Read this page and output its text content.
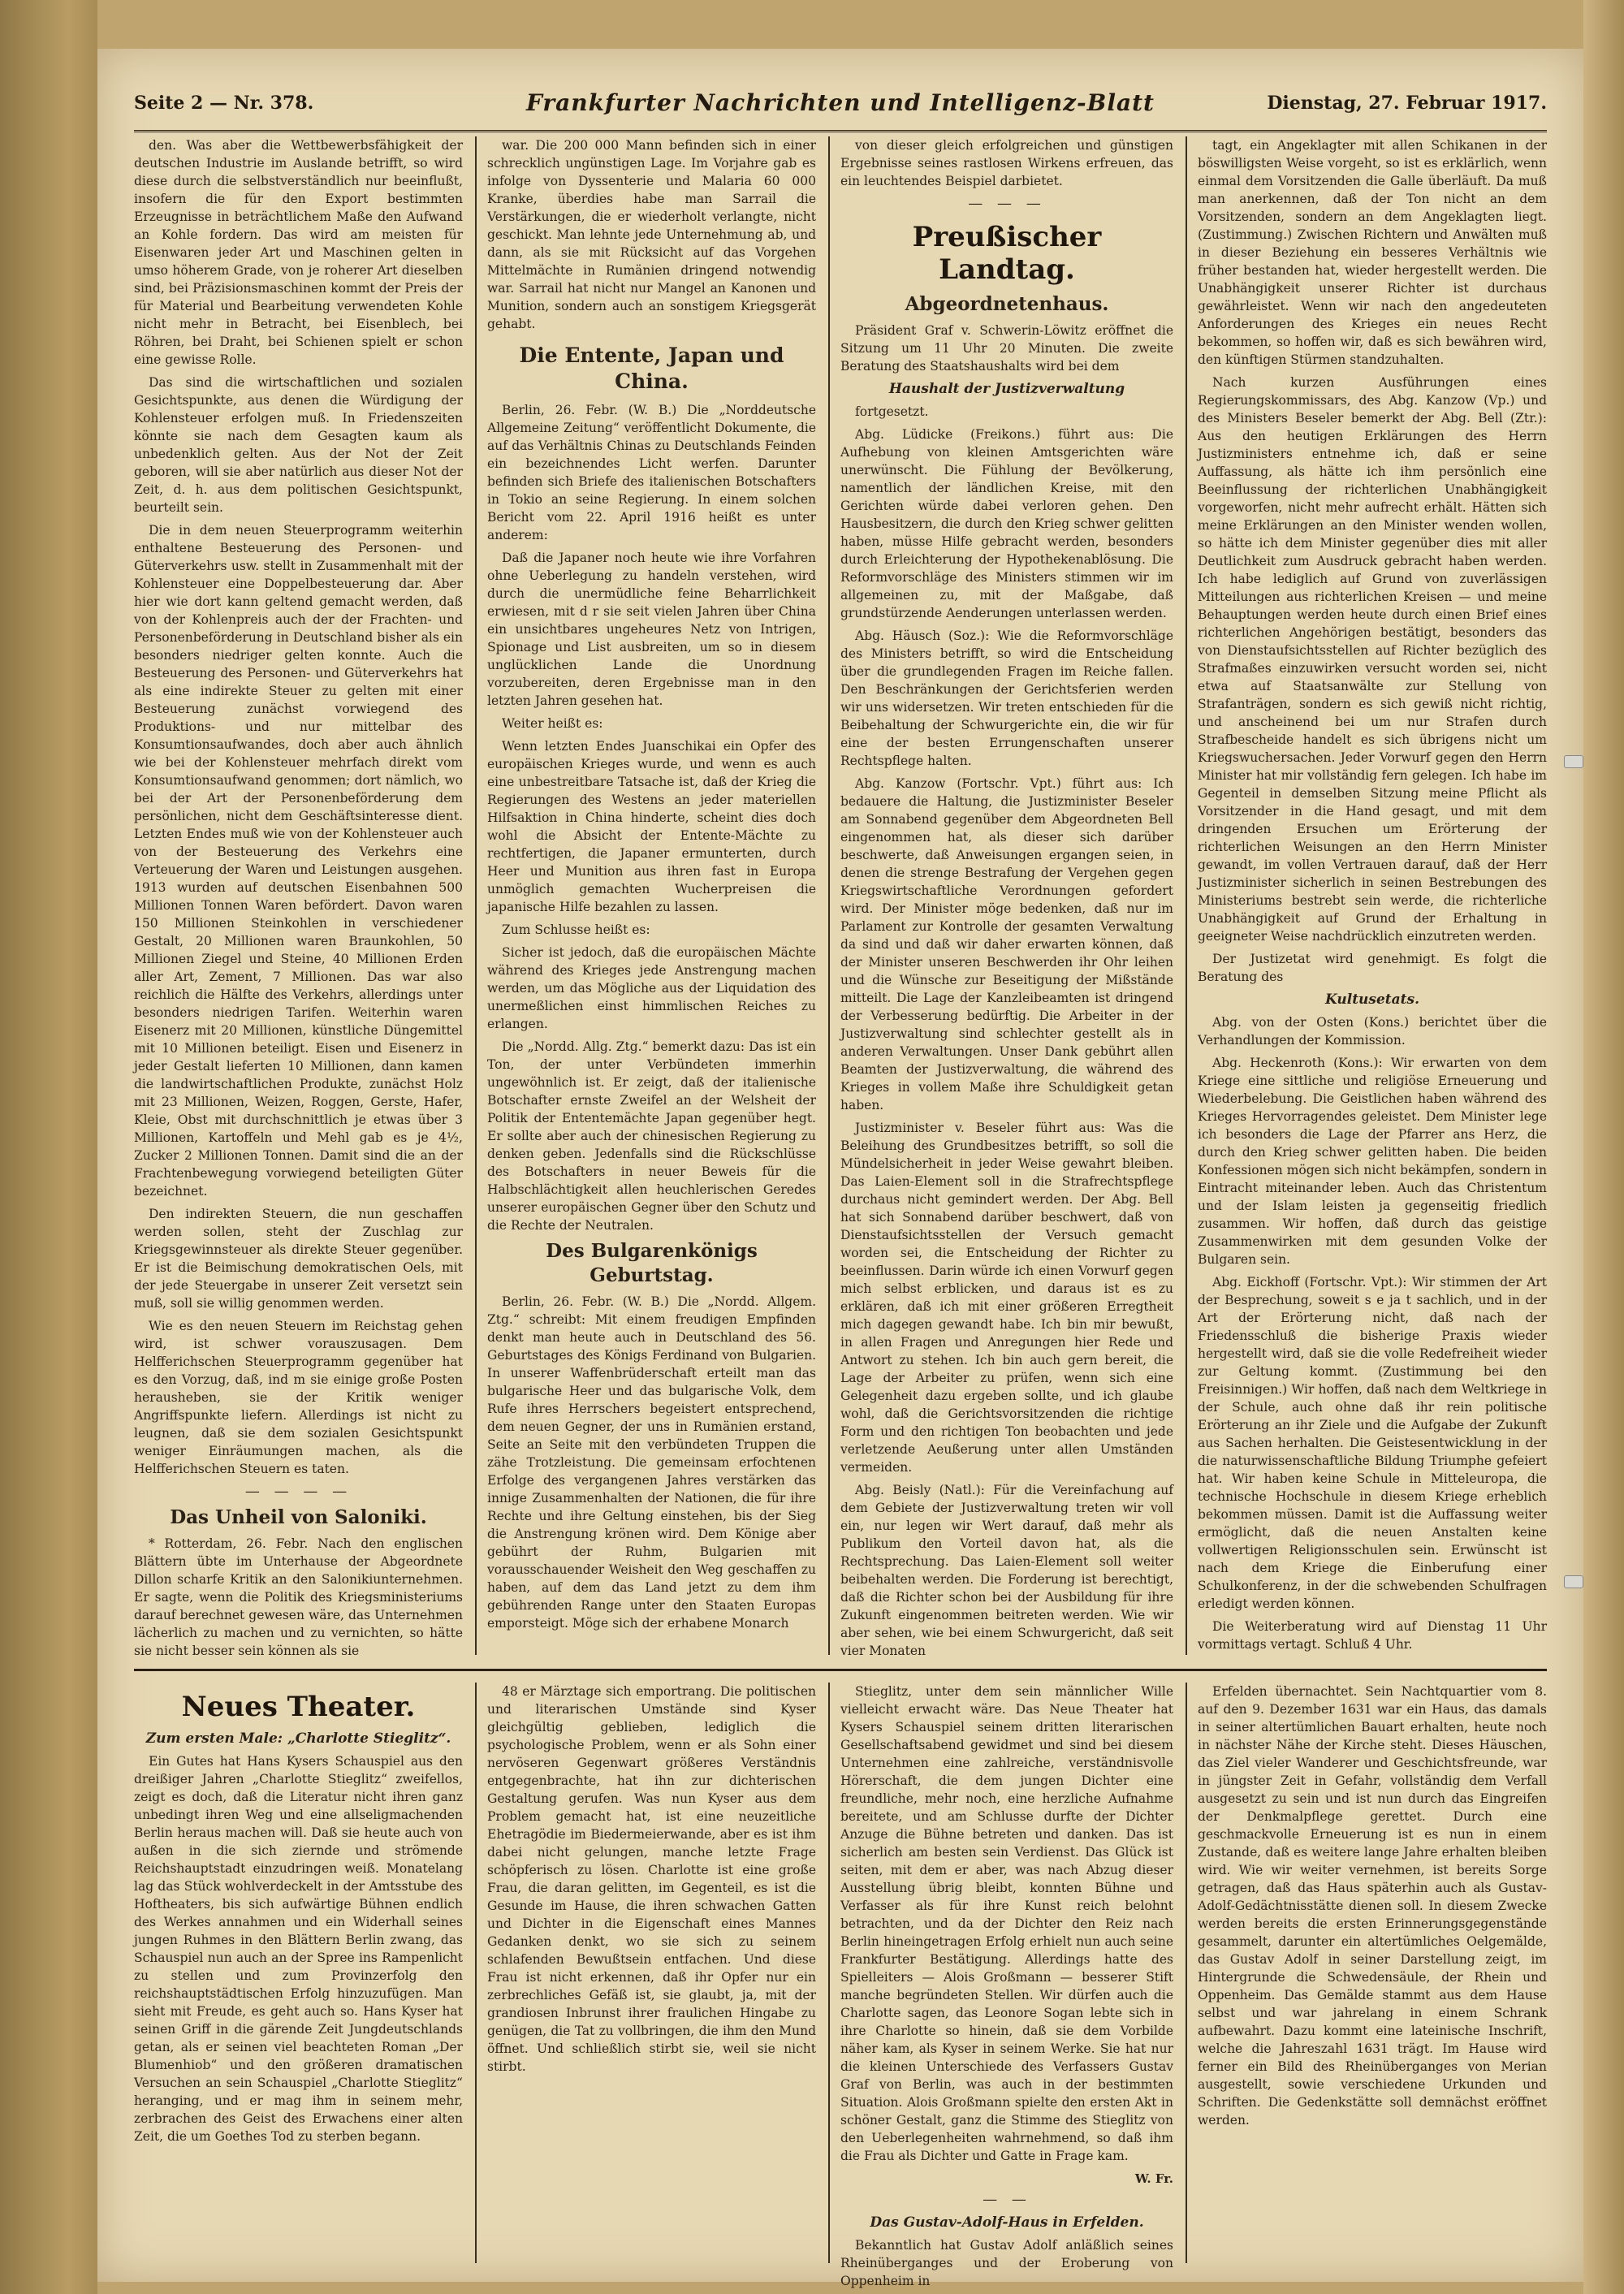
Seite 2 — Nr. 378.	Frankfurter Nachrichten und Intelligenz-Blatt	Dienstag, 27. Februar 1917.

den. Was aber die Wettbewerbsfähigkeit der deutschen Industrie im Auslande betrifft, so wird diese durch die selbstverständlich nur beeinflußt, insofern die für den Export bestimmten Erzeugnisse in beträchtlichem Maße den Aufwand an Kohle fordern. Das wird am meisten für Eisenwaren jeder Art und Maschinen gelten in umso höherem Grade, von je roherer Art dieselben sind, bei Präzisionsmaschinen kommt der Preis der für Material und Bearbeitung verwendeten Kohle nicht mehr in Betracht, bei Eisenblech, bei Röhren, bei Draht, bei Schienen spielt er schon eine gewisse Rolle.

Das sind die wirtschaftlichen und sozialen Gesichtspunkte, aus denen die Würdigung der Kohlensteuer erfolgen muß. In Friedenszeiten könnte sie nach dem Gesagten kaum als unbedenklich gelten. Aus der Not der Zeit geboren, will sie aber natürlich aus dieser Not der Zeit, d. h. aus dem politischen Gesichtspunkt, beurteilt sein.

Die in dem neuen Steuerprogramm weiterhin enthaltene Besteuerung des Personen- und Güterverkehrs usw. stellt in Zusammenhalt mit der Kohlensteuer eine Doppelbesteuerung dar. Aber hier wie dort kann geltend gemacht werden, daß von der Kohlenpreis auch der der Frachten- und Personenbeförderung in Deutschland bisher als ein besonders niedriger gelten konnte. Auch die Besteuerung des Personen- und Güterverkehrs hat als eine indirekte Steuer zu gelten mit einer Besteuerung zunächst vorwiegend des Produktions- und nur mittelbar des Konsumtionsaufwandes, doch aber auch ähnlich wie bei der Kohlensteuer mehrfach direkt vom Konsumtionsaufwand genommen; dort nämlich, wo bei der Art der Personenbeförderung dem persönlichen, nicht dem Geschäftsinteresse dient. Letzten Endes muß wie von der Kohlensteuer auch von der Besteuerung des Verkehrs eine Verteuerung der Waren und Leistungen ausgehen. 1913 wurden auf deutschen Eisenbahnen 500 Millionen Tonnen Waren befördert. Davon waren 150 Millionen Steinkohlen in verschiedener Gestalt, 20 Millionen waren Braunkohlen, 50 Millionen Ziegel und Steine, 40 Millionen Erden aller Art, Zement, 7 Millionen. Das war also reichlich die Hälfte des Verkehrs, allerdings unter besonders niedrigen Tarifen. Weiterhin waren Eisenerz mit 20 Millionen, künstliche Düngemittel mit 10 Millionen beteiligt. Eisen und Eisenerz in jeder Gestalt lieferten 10 Millionen, dann kamen die landwirtschaftlichen Produkte, zunächst Holz mit 23 Millionen, Weizen, Roggen, Gerste, Hafer, Kleie, Obst mit durchschnittlich je etwas über 3 Millionen, Kartoffeln und Mehl gab es je 4½, Zucker 2 Millionen Tonnen. Damit sind die an der Frachtenbewegung vorwiegend beteiligten Güter bezeichnet.

Den indirekten Steuern, die nun geschaffen werden sollen, steht der Zuschlag zur Kriegsgewinnsteuer als direkte Steuer gegenüber. Er ist die Beimischung demokratischen Oels, mit der jede Steuergabe in unserer Zeit versetzt sein muß, soll sie willig genommen werden.

Wie es den neuen Steuern im Reichstag gehen wird, ist schwer vorauszusagen. Dem Helfferichschen Steuerprogramm gegenüber hat es den Vorzug, daß, ind m sie einige große Posten herausheben, sie der Kritik weniger Angriffspunkte liefern. Allerdings ist nicht zu leugnen, daß sie dem sozialen Gesichtspunkt weniger Einräumungen machen, als die Helfferichschen Steuern es taten.

— — — —
Das Unheil von Saloniki.

* Rotterdam, 26. Febr. Nach den englischen Blättern übte im Unterhause der Abgeordnete Dillon scharfe Kritik an den Salonikiunternehmen. Er sagte, wenn die Politik des Kriegsministeriums darauf berechnet gewesen wäre, das Unternehmen lächerlich zu machen und zu vernichten, so hätte sie nicht besser sein können als sie

war. Die 200 000 Mann befinden sich in einer schrecklich ungünstigen Lage. Im Vorjahre gab es infolge von Dyssenterie und Malaria 60 000 Kranke, überdies habe man Sarrail die Verstärkungen, die er wiederholt verlangte, nicht geschickt. Man lehnte jede Unternehmung ab, und dann, als sie mit Rücksicht auf das Vorgehen Mittelmächte in Rumänien dringend notwendig war. Sarrail hat nicht nur Mangel an Kanonen und Munition, sondern auch an sonstigem Kriegsgerät gehabt.

Die Entente, Japan und China.

Berlin, 26. Febr. (W. B.) Die „Norddeutsche Allgemeine Zeitung“ veröffentlicht Dokumente, die auf das Verhältnis Chinas zu Deutschlands Feinden ein bezeichnendes Licht werfen. Darunter befinden sich Briefe des italienischen Botschafters in Tokio an seine Regierung. In einem solchen Bericht vom 22. April 1916 heißt es unter anderem:

Daß die Japaner noch heute wie ihre Vorfahren ohne Ueberlegung zu handeln verstehen, wird durch die unermüdliche feine Beharrlichkeit erwiesen, mit d r sie seit vielen Jahren über China ein unsichtbares ungeheures Netz von Intrigen, Spionage und List ausbreiten, um so in diesem unglücklichen Lande die Unordnung vorzubereiten, deren Ergebnisse man in den letzten Jahren gesehen hat.

Weiter heißt es:

Wenn letzten Endes Juanschikai ein Opfer des europäischen Krieges wurde, und wenn es auch eine unbestreitbare Tatsache ist, daß der Krieg die Regierungen des Westens an jeder materiellen Hilfsaktion in China hinderte, scheint dies doch wohl die Absicht der Entente-Mächte zu rechtfertigen, die Japaner ermunterten, durch Heer und Munition aus ihren fast in Europa unmöglich gemachten Wucherpreisen die japanische Hilfe bezahlen zu lassen.

Zum Schlusse heißt es:

Sicher ist jedoch, daß die europäischen Mächte während des Krieges jede Anstrengung machen werden, um das Mögliche aus der Liquidation des unermeßlichen einst himmlischen Reiches zu erlangen.

Die „Nordd. Allg. Ztg.“ bemerkt dazu: Das ist ein Ton, der unter Verbündeten immerhin ungewöhnlich ist. Er zeigt, daß der italienische Botschafter ernste Zweifel an der Welsheit der Politik der Ententemächte Japan gegenüber hegt. Er sollte aber auch der chinesischen Regierung zu denken geben. Jedenfalls sind die Rückschlüsse des Botschafters in neuer Beweis für die Halbschlächtigkeit allen heuchlerischen Geredes unserer europäischen Gegner über den Schutz und die Rechte der Neutralen.

Des Bulgarenkönigs Geburtstag.

Berlin, 26. Febr. (W. B.) Die „Nordd. Allgem. Ztg.“ schreibt: Mit einem freudigen Empfinden denkt man heute auch in Deutschland des 56. Geburtstages des Königs Ferdinand von Bulgarien. In unserer Waffenbrüderschaft erteilt man das bulgarische Heer und das bulgarische Volk, dem Rufe ihres Herrschers begeistert entsprechend, dem neuen Gegner, der uns in Rumänien erstand, Seite an Seite mit den verbündeten Truppen die zähe Trotzleistung. Die gemeinsam erfochtenen Erfolge des vergangenen Jahres verstärken das innige Zusammenhalten der Nationen, die für ihre Rechte und ihre Geltung einstehen, bis der Sieg die Anstrengung krönen wird. Dem Könige aber gebührt der Ruhm, Bulgarien mit vorausschauender Weisheit den Weg geschaffen zu haben, auf dem das Land jetzt zu dem ihm gebührenden Range unter den Staaten Europas emporsteigt. Möge sich der erhabene Monarch

von dieser gleich erfolgreichen und günstigen Ergebnisse seines rastlosen Wirkens erfreuen, das ein leuchtendes Beispiel darbietet.

— — —
Preußischer Landtag.
Abgeordnetenhaus.

Präsident Graf v. Schwerin-Löwitz eröffnet die Sitzung um 11 Uhr 20 Minuten. Die zweite Beratung des Staatshaushalts wird bei dem

Haushalt der Justizverwaltung

fortgesetzt.

Abg. Lüdicke (Freikons.) führt aus: Die Aufhebung von kleinen Amtsgerichten wäre unerwünscht. Die Fühlung der Bevölkerung, namentlich der ländlichen Kreise, mit den Gerichten würde dabei verloren gehen. Den Hausbesitzern, die durch den Krieg schwer gelitten haben, müsse Hilfe gebracht werden, besonders durch Erleichterung der Hypothekenablösung. Die Reformvorschläge des Ministers stimmen wir im allgemeinen zu, mit der Maßgabe, daß grundstürzende Aenderungen unterlassen werden.

Abg. Häusch (Soz.): Wie die Reformvorschläge des Ministers betrifft, so wird die Entscheidung über die grundlegenden Fragen im Reiche fallen. Den Beschränkungen der Gerichtsferien werden wir uns widersetzen. Wir treten entschieden für die Beibehaltung der Schwurgerichte ein, die wir für eine der besten Errungenschaften unserer Rechtspflege halten.

Abg. Kanzow (Fortschr. Vpt.) führt aus: Ich bedauere die Haltung, die Justizminister Beseler am Sonnabend gegenüber dem Abgeordneten Bell eingenommen hat, als dieser sich darüber beschwerte, daß Anweisungen ergangen seien, in denen die strenge Bestrafung der Vergehen gegen Kriegswirtschaftliche Verordnungen gefordert wird. Der Minister möge bedenken, daß nur im Parlament zur Kontrolle der gesamten Verwaltung da sind und daß wir daher erwarten können, daß der Minister unseren Beschwerden ihr Ohr leihen und die Wünsche zur Beseitigung der Mißstände mitteilt. Die Lage der Kanzleibeamten ist dringend der Verbesserung bedürftig. Die Arbeiter in der Justizverwaltung sind schlechter gestellt als in anderen Verwaltungen. Unser Dank gebührt allen Beamten der Justizverwaltung, die während des Krieges in vollem Maße ihre Schuldigkeit getan haben.

Justizminister v. Beseler führt aus: Was die Beleihung des Grundbesitzes betrifft, so soll die Mündelsicherheit in jeder Weise gewahrt bleiben. Das Laien-Element soll in die Strafrechtspflege durchaus nicht gemindert werden. Der Abg. Bell hat sich Sonnabend darüber beschwert, daß von Dienstaufsichtsstellen der Versuch gemacht worden sei, die Entscheidung der Richter zu beeinflussen. Darin würde ich einen Vorwurf gegen mich selbst erblicken, und daraus ist es zu erklären, daß ich mit einer größeren Erregtheit mich dagegen gewandt habe. Ich bin mir bewußt, in allen Fragen und Anregungen hier Rede und Antwort zu stehen. Ich bin auch gern bereit, die Lage der Arbeiter zu prüfen, wenn sich eine Gelegenheit dazu ergeben sollte, und ich glaube wohl, daß die Gerichtsvorsitzenden die richtige Form und den richtigen Ton beobachten und jede verletzende Aeußerung unter allen Umständen vermeiden.

Abg. Beisly (Natl.): Für die Vereinfachung auf dem Gebiete der Justizverwaltung treten wir voll ein, nur legen wir Wert darauf, daß mehr als Publikum den Vorteil davon hat, als die Rechtsprechung. Das Laien-Element soll weiter beibehalten werden. Die Forderung ist berechtigt, daß die Richter schon bei der Ausbildung für ihre Zukunft eingenommen beitreten werden. Wie wir aber sehen, wie bei einem Schwurgericht, daß seit vier Monaten

tagt, ein Angeklagter mit allen Schikanen in der böswilligsten Weise vorgeht, so ist es erklärlich, wenn einmal dem Vorsitzenden die Galle überläuft. Da muß man anerkennen, daß der Ton nicht an dem Vorsitzenden, sondern an dem Angeklagten liegt. (Zustimmung.) Zwischen Richtern und Anwälten muß in dieser Beziehung ein besseres Verhältnis wie früher bestanden hat, wieder hergestellt werden. Die Unabhängigkeit unserer Richter ist durchaus gewährleistet. Wenn wir nach den angedeuteten Anforderungen des Krieges ein neues Recht bekommen, so hoffen wir, daß es sich bewähren wird, den künftigen Stürmen standzuhalten.

Nach kurzen Ausführungen eines Regierungskommissars, des Abg. Kanzow (Vp.) und des Ministers Beseler bemerkt der Abg. Bell (Ztr.): Aus den heutigen Erklärungen des Herrn Justizministers entnehme ich, daß er seine Auffassung, als hätte ich ihm persönlich eine Beeinflussung der richterlichen Unabhängigkeit vorgeworfen, nicht mehr aufrecht erhält. Hätten sich meine Erklärungen an den Minister wenden wollen, so hätte ich dem Minister gegenüber dies mit aller Deutlichkeit zum Ausdruck gebracht haben werden. Ich habe lediglich auf Grund von zuverlässigen Mitteilungen aus richterlichen Kreisen — und meine Behauptungen werden heute durch einen Brief eines richterlichen Angehörigen bestätigt, besonders das von Dienstaufsichtsstellen auf Richter bezüglich des Strafmaßes einzuwirken versucht worden sei, nicht etwa auf Staatsanwälte zur Stellung von Strafanträgen, sondern es sich gewiß nicht richtig, und anscheinend bei um nur Strafen durch Strafbescheide handelt es sich übrigens nicht um Kriegswuchersachen. Jeder Vorwurf gegen den Herrn Minister hat mir vollständig fern gelegen. Ich habe im Gegenteil in demselben Sitzung meine Pflicht als Vorsitzender in die Hand gesagt, und mit dem dringenden Ersuchen um Erörterung der richterlichen Weisungen an den Herrn Minister gewandt, im vollen Vertrauen darauf, daß der Herr Justizminister sicherlich in seinen Bestrebungen des Ministeriums bestrebt sein werde, die richterliche Unabhängigkeit auf Grund der Erhaltung in geeigneter Weise nachdrücklich einzutreten werden.

Der Justizetat wird genehmigt. Es folgt die Beratung des

Kultusetats.

Abg. von der Osten (Kons.) berichtet über die Verhandlungen der Kommission.

Abg. Heckenroth (Kons.): Wir erwarten von dem Kriege eine sittliche und religiöse Erneuerung und Wiederbelebung. Die Geistlichen haben während des Krieges Hervorragendes geleistet. Dem Minister lege ich besonders die Lage der Pfarrer ans Herz, die durch den Krieg schwer gelitten haben. Die beiden Konfessionen mögen sich nicht bekämpfen, sondern in Eintracht miteinander leben. Auch das Christentum und der Islam leisten ja gegenseitig friedlich zusammen. Wir hoffen, daß durch das geistige Zusammenwirken mit dem gesunden Volke der Bulgaren sein.

Abg. Eickhoff (Fortschr. Vpt.): Wir stimmen der Art der Besprechung, soweit s e ja t sachlich, und in der Art der Erörterung nicht, daß nach der Friedensschluß die bisherige Praxis wieder hergestellt wird, daß sie die volle Redefreiheit wieder zur Geltung kommt. (Zustimmung bei den Freisinnigen.) Wir hoffen, daß nach dem Weltkriege in der Schule, auch ohne daß ihr rein politische Erörterung an ihr Ziele und die Aufgabe der Zukunft aus Sachen herhalten. Die Geistesentwicklung in der die naturwissenschaftliche Bildung Triumphe gefeiert hat. Wir haben keine Schule in Mitteleuropa, die technische Hochschule in diesem Kriege erheblich bekommen müssen. Damit ist die Auffassung weiter ermöglicht, daß die neuen Anstalten keine vollwertigen Religionsschulen sein. Erwünscht ist nach dem Kriege die Einberufung einer Schulkonferenz, in der die schwebenden Schulfragen erledigt werden können.

Die Weiterberatung wird auf Dienstag 11 Uhr vormittags vertagt. Schluß 4 Uhr.

Neues Theater.
Zum ersten Male: „Charlotte Stieglitz“.

Ein Gutes hat Hans Kysers Schauspiel aus den dreißiger Jahren „Charlotte Stieglitz“ zweifellos, zeigt es doch, daß die Literatur nicht ihren ganz unbedingt ihren Weg und eine allseligmachenden Berlin heraus machen will. Daß sie heute auch von außen in die sich ziernde und strömende Reichshauptstadt einzudringen weiß. Monatelang lag das Stück wohlverdeckelt in der Amtsstube des Hoftheaters, bis sich aufwärtige Bühnen endlich des Werkes annahmen und ein Widerhall seines jungen Ruhmes in den Blättern Berlin zwang, das Schauspiel nun auch an der Spree ins Rampenlicht zu stellen und zum Provinzerfolg den reichshauptstädtischen Erfolg hinzuzufügen. Man sieht mit Freude, es geht auch so. Hans Kyser hat seinen Griff in die gärende Zeit Jungdeutschlands getan, als er seinen viel beachteten Roman „Der Blumenhiob“ und den größeren dramatischen Versuchen an sein Schauspiel „Charlotte Stieglitz“ heranging, und er mag ihm in seinem mehr, zerbrachen des Geist des Erwachens einer alten Zeit, die um Goethes Tod zu sterben begann.

48 er Märztage sich emportrang. Die politischen und literarischen Umstände sind Kyser gleichgültig geblieben, lediglich die psychologische Problem, wenn er als Sohn einer nervöseren Gegenwart größeres Verständnis entgegenbrachte, hat ihn zur dichterischen Gestaltung gerufen. Was nun Kyser aus dem Problem gemacht hat, ist eine neuzeitliche Ehetragödie im Biedermeierwande, aber es ist ihm dabei nicht gelungen, manche letzte Frage schöpferisch zu lösen. Charlotte ist eine große Frau, die daran gelitten, im Gegenteil, es ist die Gesunde im Hause, die ihren schwachen Gatten und Dichter in die Eigenschaft eines Mannes Gedanken denkt, wo sie sich zu seinem schlafenden Bewußtsein entfachen. Und diese Frau ist nicht erkennen, daß ihr Opfer nur ein zerbrechliches Gefäß ist, sie glaubt, ja, mit der grandiosen Inbrunst ihrer fraulichen Hingabe zu genügen, die Tat zu vollbringen, die ihm den Mund öffnet. Und schließlich stirbt sie, weil sie nicht stirbt.

Stieglitz, unter dem sein männlicher Wille vielleicht erwacht wäre. Das Neue Theater hat Kysers Schauspiel seinem dritten literarischen Gesellschaftsabend gewidmet und sind bei diesem Unternehmen eine zahlreiche, verständnisvolle Hörerschaft, die dem jungen Dichter eine freundliche, mehr noch, eine herzliche Aufnahme bereitete, und am Schlusse durfte der Dichter Anzuge die Bühne betreten und danken. Das ist sicherlich am besten sein Verdienst. Das Glück ist seiten, mit dem er aber, was nach Abzug dieser Ausstellung übrig bleibt, konnten Bühne und Verfasser als für ihre Kunst reich belohnt betrachten, und da der Dichter den Reiz nach Berlin hineingetragen Erfolg erhielt nun auch seine Frankfurter Bestätigung. Allerdings hatte des Spielleiters — Alois Großmann — besserer Stift manche begründeten Stellen. Wir dürfen auch die Charlotte sagen, das Leonore Sogan lebte sich in ihre Charlotte so hinein, daß sie dem Vorbilde näher kam, als Kyser in seinem Werke. Sie hat nur die kleinen Unterschiede des Verfassers Gustav Graf von Berlin, was auch in der bestimmten Situation. Alois Großmann spielte den ersten Akt in schöner Gestalt, ganz die Stimme des Stieglitz von den Ueberlegenheiten wahrnehmend, so daß ihm die Frau als Dichter und Gatte in Frage kam.

W. Fr.
— —
Das Gustav-Adolf-Haus in Erfelden.

Bekanntlich hat Gustav Adolf anläßlich seines Rheinüberganges und der Eroberung von Oppenheim in

Erfelden übernachtet. Sein Nachtquartier vom 8. auf den 9. Dezember 1631 war ein Haus, das damals in seiner altertümlichen Bauart erhalten, heute noch in nächster Nähe der Kirche steht. Dieses Häuschen, das Ziel vieler Wanderer und Geschichtsfreunde, war in jüngster Zeit in Gefahr, vollständig dem Verfall ausgesetzt zu sein und ist nun durch das Eingreifen der Denkmalpflege gerettet. Durch eine geschmackvolle Erneuerung ist es nun in einem Zustande, daß es weitere lange Jahre erhalten bleiben wird. Wie wir weiter vernehmen, ist bereits Sorge getragen, daß das Haus späterhin auch als Gustav-Adolf-Gedächtnisstätte dienen soll. In diesem Zwecke werden bereits die ersten Erinnerungsgegenstände gesammelt, darunter ein altertümliches Oelgemälde, das Gustav Adolf in seiner Darstellung zeigt, im Hintergrunde die Schwedensäule, der Rhein und Oppenheim. Das Gemälde stammt aus dem Hause selbst und war jahrelang in einem Schrank aufbewahrt. Dazu kommt eine lateinische Inschrift, welche die Jahreszahl 1631 trägt. Im Hause wird ferner ein Bild des Rheinüberganges von Merian ausgestellt, sowie verschiedene Urkunden und Schriften. Die Gedenkstätte soll demnächst eröffnet werden.
